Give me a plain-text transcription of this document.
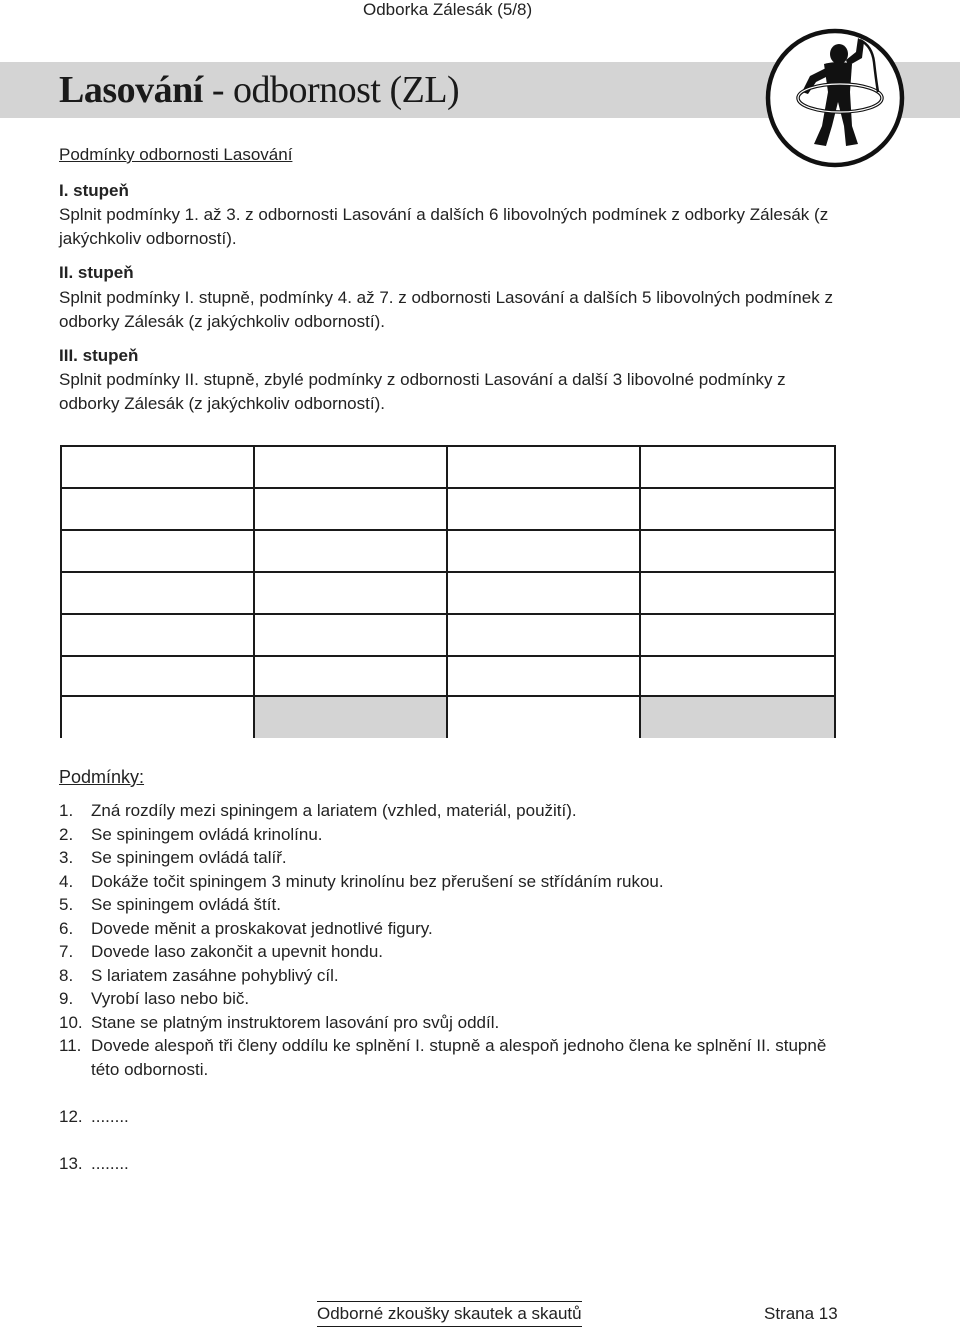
Odborka Zálesák (5/8)
Lasování - odbornost (ZL)
Podmínky odbornosti Lasování
I. stupeň
Splnit podmínky 1. až 3. z odbornosti Lasování a dalších 6 libovolných podmínek z odborky Zálesák (z jakýchkoliv odborností).
II. stupeň
Splnit podmínky I. stupně, podmínky 4. až 7. z odbornosti Lasování a dalších 5 libovolných podmínek z odborky Zálesák (z jakýchkoliv odborností).
III. stupeň
Splnit podmínky II. stupně, zbylé podmínky z odbornosti Lasování a další 3 libovolné podmínky z odborky Zálesák (z jakýchkoliv odborností).
Podmínky:
1.	Zná rozdíly mezi spiningem a lariatem (vzhled, materiál, použití).
2.	Se spiningem ovládá krinolínu.
3.	Se spiningem ovládá talíř.
4.	Dokáže točit spiningem 3 minuty krinolínu bez přerušení se střídáním rukou.
5.	Se spiningem ovládá štít.
6.	Dovede měnit a proskakovat jednotlivé figury.
7.	Dovede laso zakončit a upevnit hondu.
8.	S lariatem zasáhne pohyblivý cíl.
9.	Vyrobí laso nebo bič.
10. Stane se platným instruktorem lasování pro svůj oddíl.
11. Dovede alespoň tři členy oddílu ke splnění I. stupně a alespoň jednoho člena ke splnění II. stupně této odbornosti.
12. ........
13. ........
Odborné zkoušky skautek a skautů	Strana 13
